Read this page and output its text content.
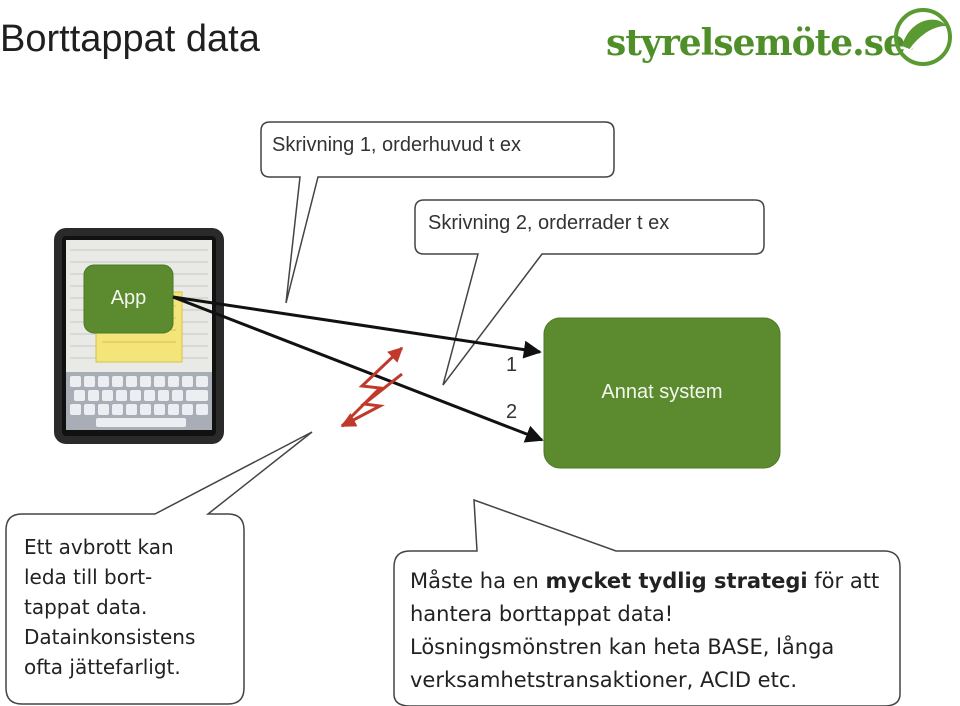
Borttappat data	styrelsemöte.se
Skrivning 1, orderhuvud t ex
Skrivning 2, orderrader t ex
App
Annat system
1
2
Ett avbrott kan
leda till bort-
tappat data.
Datainkonsistens
ofta jättefarligt.
Måste ha en mycket tydlig strategi för att
hantera borttappat data!
Lösningsmönstren kan heta BASE, långa
verksamhetstransaktioner, ACID etc.
